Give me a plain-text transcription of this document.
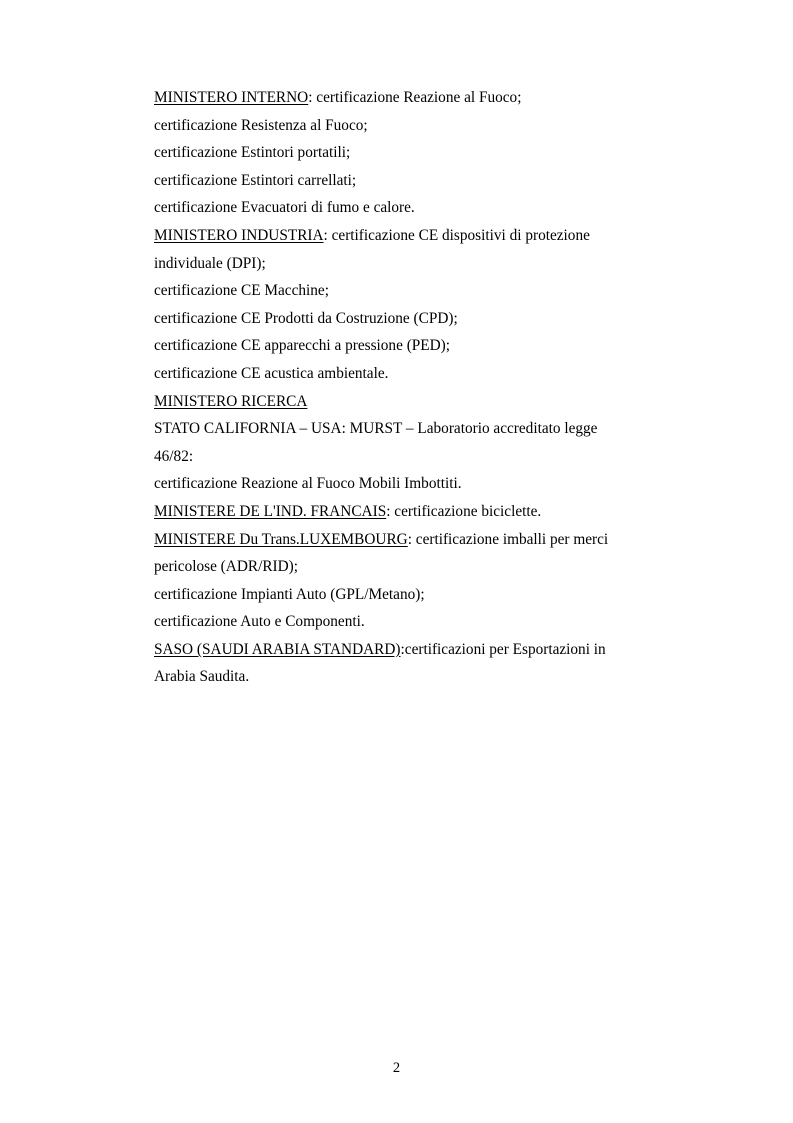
MINISTERO INTERNO: certificazione Reazione al Fuoco;
certificazione Resistenza al Fuoco;
certificazione Estintori portatili;
certificazione Estintori carrellati;
certificazione Evacuatori di fumo e calore.
MINISTERO INDUSTRIA: certificazione CE dispositivi di protezione
individuale (DPI);
certificazione CE Macchine;
certificazione CE Prodotti da Costruzione (CPD);
certificazione CE apparecchi a pressione (PED);
certificazione CE acustica ambientale.
MINISTERO RICERCA
STATO CALIFORNIA – USA: MURST – Laboratorio accreditato legge
46/82:
certificazione Reazione al Fuoco Mobili Imbottiti.
MINISTERE DE L'IND. FRANCAIS: certificazione biciclette.
MINISTERE Du Trans.LUXEMBOURG: certificazione imballi per merci
pericolose (ADR/RID);
certificazione Impianti Auto (GPL/Metano);
certificazione Auto e Componenti.
SASO (SAUDI ARABIA STANDARD):certificazioni per Esportazioni in
Arabia Saudita.
2
